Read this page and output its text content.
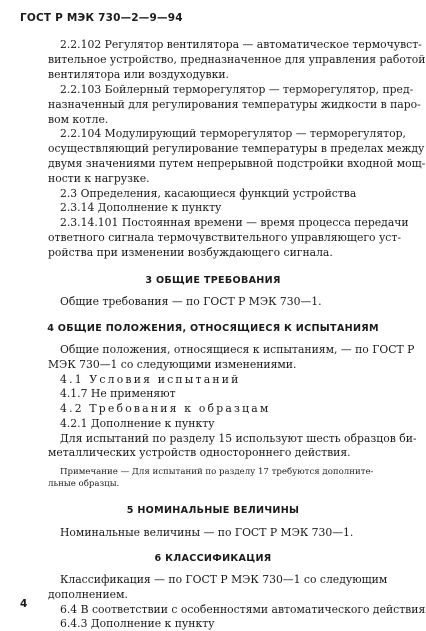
ГОСТ Р МЭК 730—2—9—94
2.2.102 Регулятор вентилятора — автоматическое термочувст-
вительное устройство, предназначенное для управления работой
вентилятора или воздуходувки.
2.2.103 Бойлерный терморегулятор — терморегулятор, пред-
назначенный для регулирования температуры жидкости в паро-
вом котле.
2.2.104 Модулирующий терморегулятор — терморегулятор,
осуществляющий регулирование температуры в пределах между
двумя значениями путем непрерывной подстройки входной мощ-
ности к нагрузке.
2.3 Определения, касающиеся функций устройства
2.3.14 Дополнение к пункту
2.3.14.101 Постоянная времени — время процесса передачи
ответного сигнала термочувствительного управляющего уст-
ройства при изменении возбуждающего сигнала.
3 ОБЩИЕ ТРЕБОВАНИЯ
Общие требования — по ГОСТ Р МЭК 730—1.
4 ОБЩИЕ ПОЛОЖЕНИЯ, ОТНОСЯЩИЕСЯ К ИСПЫТАНИЯМ
Общие положения, относящиеся к испытаниям, — по ГОСТ Р
МЭК 730—1 со следующими изменениями.
4.1 Условия испытаний
4.1.7 Не применяют
4.2 Требования к образцам
4.2.1 Дополнение к пункту
Для испытаний по разделу 15 используют шесть образцов би-
металлических устройств одностороннего действия.
Примечание — Для испытаний по разделу 17 требуются дополните-
льные образцы.
5 НОМИНАЛЬНЫЕ ВЕЛИЧИНЫ
Номинальные величины — по ГОСТ Р МЭК 730—1.
6 КЛАССИФИКАЦИЯ
Классификация — по ГОСТ Р МЭК 730—1 со следующим
дополнением.
6.4 В соответствии с особенностями автоматического действия
6.4.3 Дополнение к пункту
4
